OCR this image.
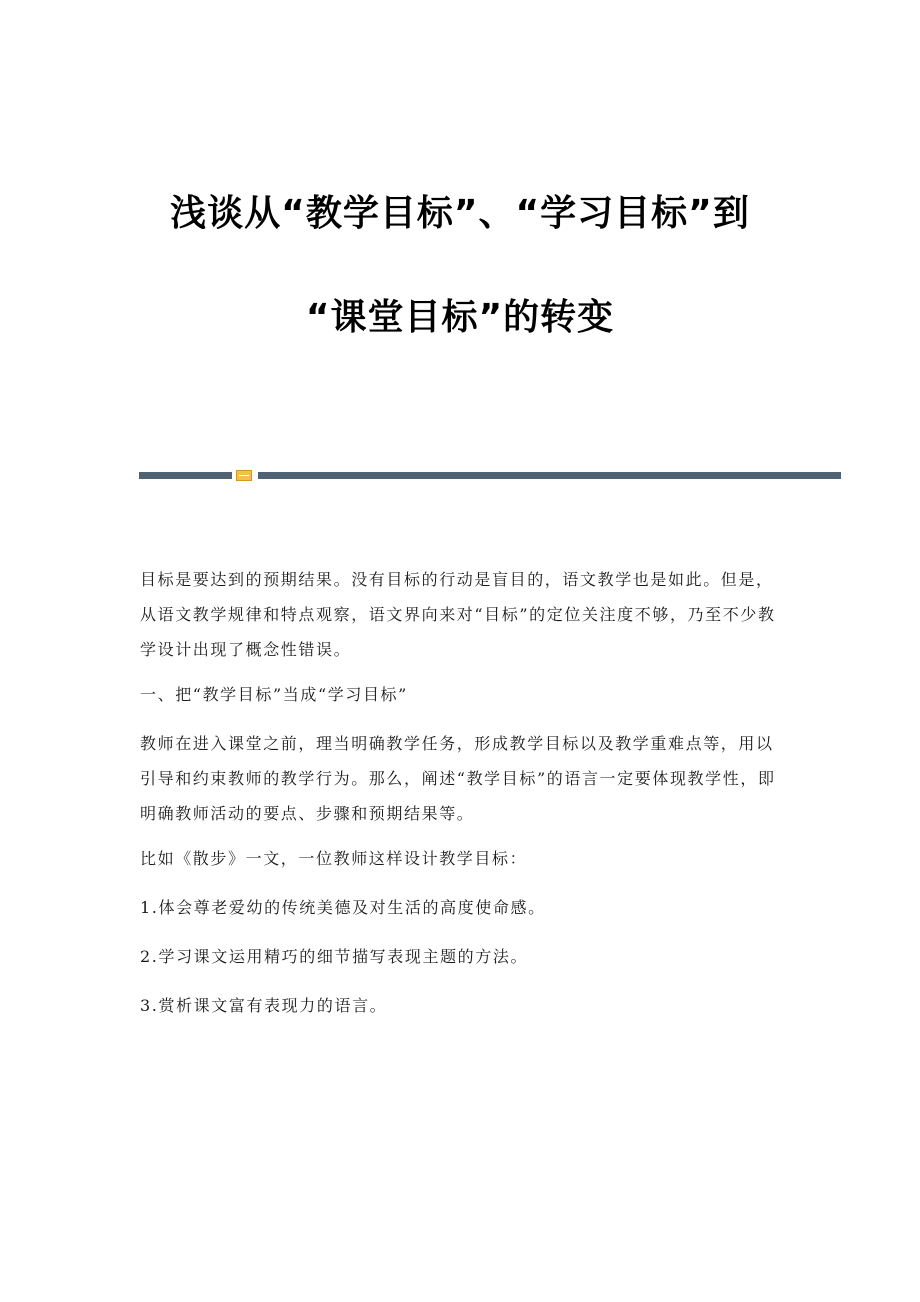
浅谈从“教学目标”、“学习目标”到
“课堂目标”的转变

目标是要达到的预期结果。没有目标的行动是盲目的，语文教学也是如此。但是，从语文教学规律和特点观察，语文界向来对“目标”的定位关注度不够，乃至不少教学设计出现了概念性错误。

一、把“教学目标”当成“学习目标”

教师在进入课堂之前，理当明确教学任务，形成教学目标以及教学重难点等，用以引导和约束教师的教学行为。那么，阐述“教学目标”的语言一定要体现教学性，即明确教师活动的要点、步骤和预期结果等。

比如《散步》一文，一位教师这样设计教学目标：

1.体会尊老爱幼的传统美德及对生活的高度使命感。

2.学习课文运用精巧的细节描写表现主题的方法。

3.赏析课文富有表现力的语言。
